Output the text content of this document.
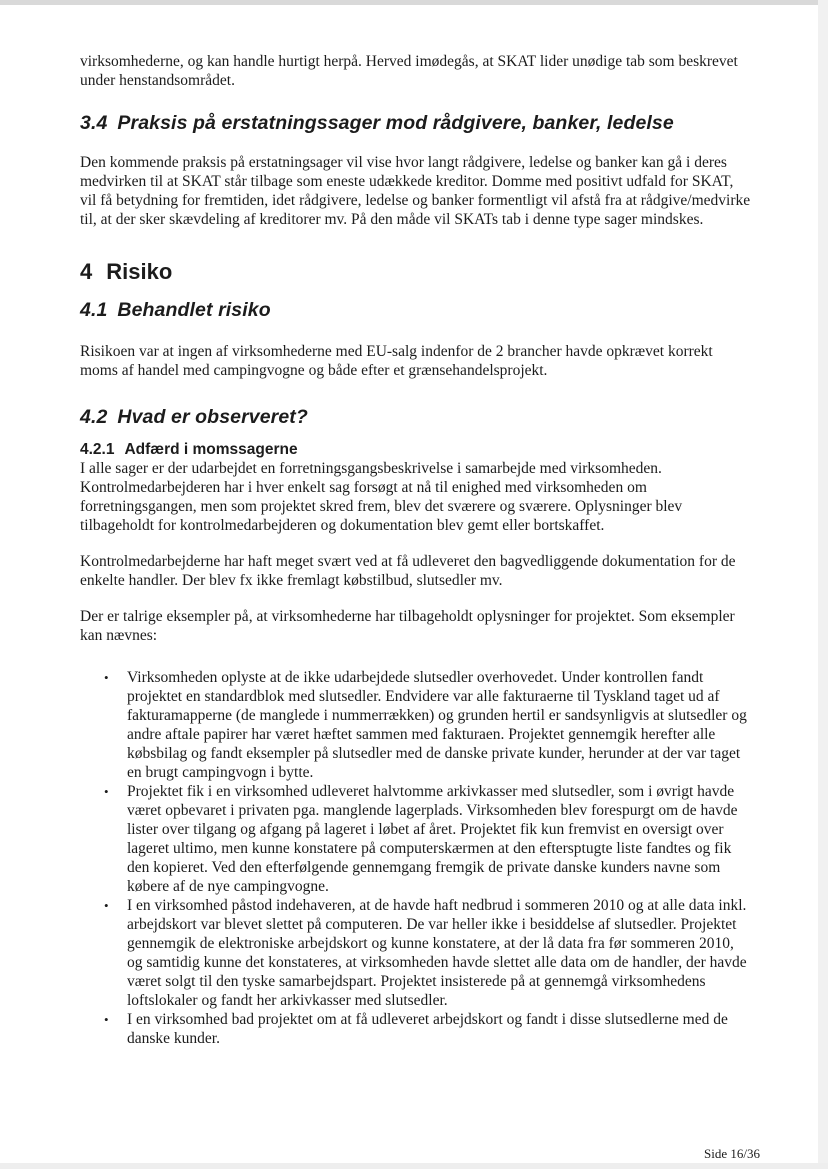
virksomhederne, og kan handle hurtigt herpå. Herved imødegås, at SKAT lider unødige tab som beskrevet under henstandsområdet.

3.4 Praksis på erstatningssager mod rådgivere, banker, ledelse

Den kommende praksis på erstatningsager vil vise hvor langt rådgivere, ledelse og banker kan gå i deres medvirken til at SKAT står tilbage som eneste udækkede kreditor. Domme med positivt udfald for SKAT, vil få betydning for fremtiden, idet rådgivere, ledelse og banker formentligt vil afstå fra at rådgive/medvirke til, at der sker skævdeling af kreditorer mv. På den måde vil SKATs tab i denne type sager mindskes.

4 Risiko
4.1 Behandlet risiko

Risikoen var at ingen af virksomhederne med EU-salg indenfor de 2 brancher havde opkrævet korrekt moms af handel med campingvogne og både efter et grænsehandelsprojekt.

4.2 Hvad er observeret?
4.2.1 Adfærd i momssagerne

I alle sager er der udarbejdet en forretningsgangsbeskrivelse i samarbejde med virksomheden. Kontrolmedarbejderen har i hver enkelt sag forsøgt at nå til enighed med virksomheden om forretningsgangen, men som projektet skred frem, blev det sværere og sværere. Oplysninger blev tilbageholdt for kontrolmedarbejderen og dokumentation blev gemt eller bortskaffet.

Kontrolmedarbejderne har haft meget svært ved at få udleveret den bagvedliggende dokumentation for de enkelte handler. Der blev fx ikke fremlagt købstilbud, slutsedler mv.

Der er talrige eksempler på, at virksomhederne har tilbageholdt oplysninger for projektet. Som eksempler kan nævnes:

• Virksomheden oplyste at de ikke udarbejdede slutsedler overhovedet. Under kontrollen fandt projektet en standardblok med slutsedler. Endvidere var alle fakturaerne til Tyskland taget ud af fakturamapperne (de manglede i nummerrækken) og grunden hertil er sandsynligvis at slutsedler og andre aftale papirer har været hæftet sammen med fakturaen. Projektet gennemgik herefter alle købsbilag og fandt eksempler på slutsedler med de danske private kunder, herunder at der var taget en brugt campingvogn i bytte.
• Projektet fik i en virksomhed udleveret halvtomme arkivkasser med slutsedler, som i øvrigt havde været opbevaret i privaten pga. manglende lagerplads. Virksomheden blev forespurgt om de havde lister over tilgang og afgang på lageret i løbet af året. Projektet fik kun fremvist en oversigt over lageret ultimo, men kunne konstatere på computerskærmen at den eftersptugte liste fandtes og fik den kopieret. Ved den efterfølgende gennemgang fremgik de private danske kunders navne som købere af de nye campingvogne.
• I en virksomhed påstod indehaveren, at de havde haft nedbrud i sommeren 2010 og at alle data inkl. arbejdskort var blevet slettet på computeren. De var heller ikke i besiddelse af slutsedler. Projektet gennemgik de elektroniske arbejdskort og kunne konstatere, at der lå data fra før sommeren 2010, og samtidig kunne det konstateres, at virksomheden havde slettet alle data om de handler, der havde været solgt til den tyske samarbejdspart. Projektet insisterede på at gennemgå virksomhedens loftslokaler og fandt her arkivkasser med slutsedler.
• I en virksomhed bad projektet om at få udleveret arbejdskort og fandt i disse slutsedlerne med de danske kunder.
Side 16/36
